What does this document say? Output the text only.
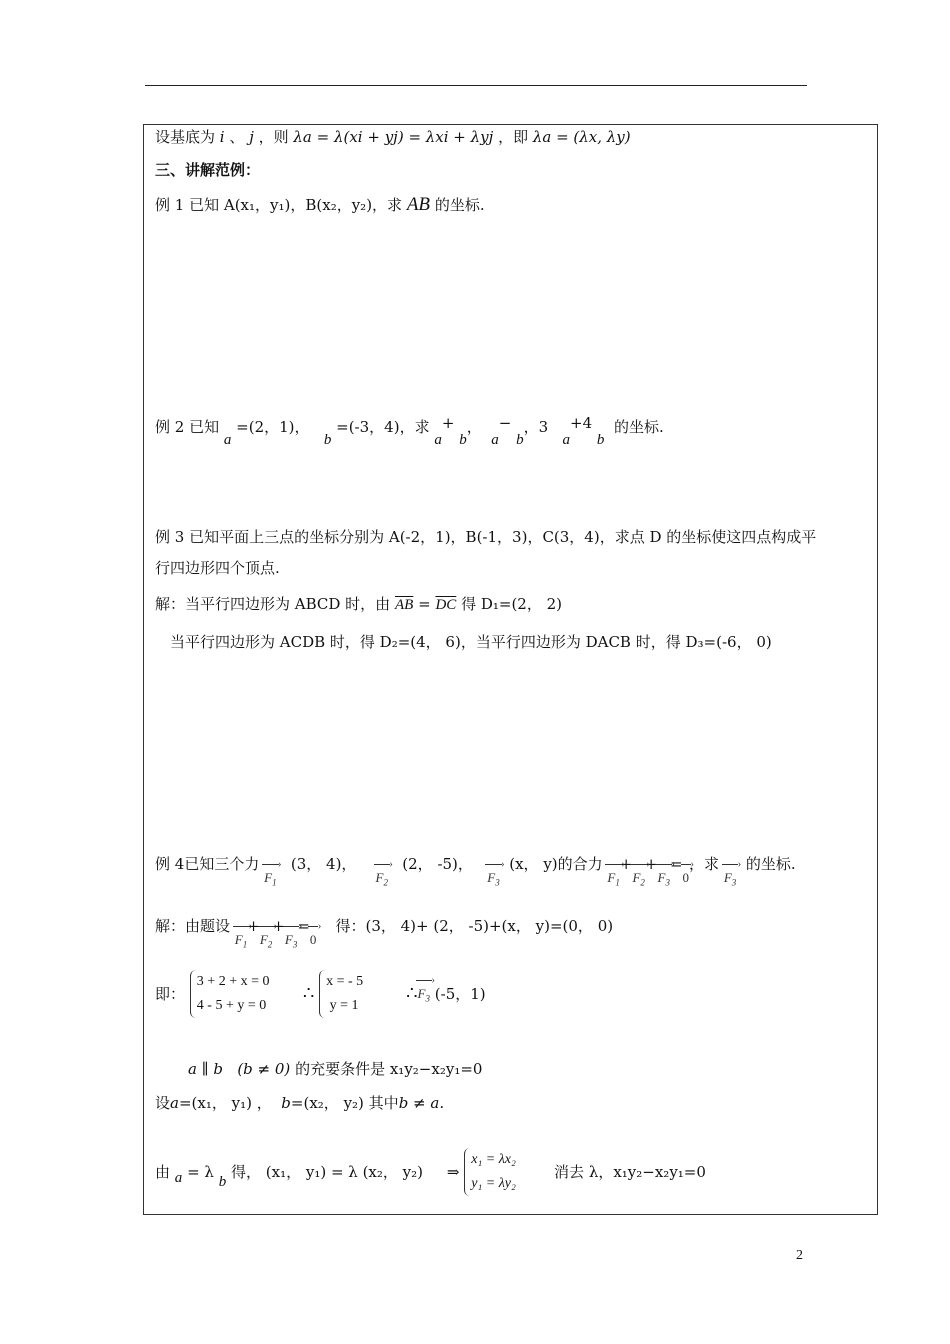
设基底为 i 、 j ，则 λa = λ(xi + yj) = λxi + λyj ，即 λa = (λx, λy)
三、讲解范例：
例 1 已知 A(x₁，y₁)，B(x₂，y₂)，求 AB 的坐标.
例 2 已知 a =(2，1)，   b =(-3，4)，求 a+ b，  a− b，3   a+4 b  的坐标.
例 3 已知平面上三点的坐标分别为 A(-2，1)，B(-1，3)，C(3，4)，求点 D 的坐标使这四点构成平
行四边形四个顶点.
解：当平行四边形为 ABCD 时，由 $\overline{AB} = \overline{DC}$ 得 D₁=(2， 2)
当平行四边形为 ACDB 时，得 D₂=(4， 6)，当平行四边形为 DACB 时，得 D₃=(-6， 0)
例 4已知三个力 $F_1$ ›   (3， 4)，    $F_2$ ›   (2， -5)，   $F_3$ ›  (x， y)的合力 $F_1$ $›+F_2$ $›+F_3$ ›=0 ›，求 $F_3$ ›  的坐标.
解：由题设 $F_1$ $›+F_2$ $›+F_3$ ›=0 ›    得：(3， 4)+ (2， -5)+(x， y)=(0， 0)
即： 3 + 2 + x = 0
4 - 5 + y = 0       ∴ x = - 5
y = 1         $\therefore F_3$ › (-5，1)
a ∥ b (b ≠ 0) 的充要条件是 x₁y₂−x₂y₁=0
设a=(x₁， y₁) ， b=(x₂， y₂) 其中b ≠ a.
由 a = λ b 得， (x₁， y₁) = λ (x₂， y₂) ⇒ x₁ = λx₂
y₁ = λy₂        消去 λ，x₁y₂−x₂y₁=0
2
